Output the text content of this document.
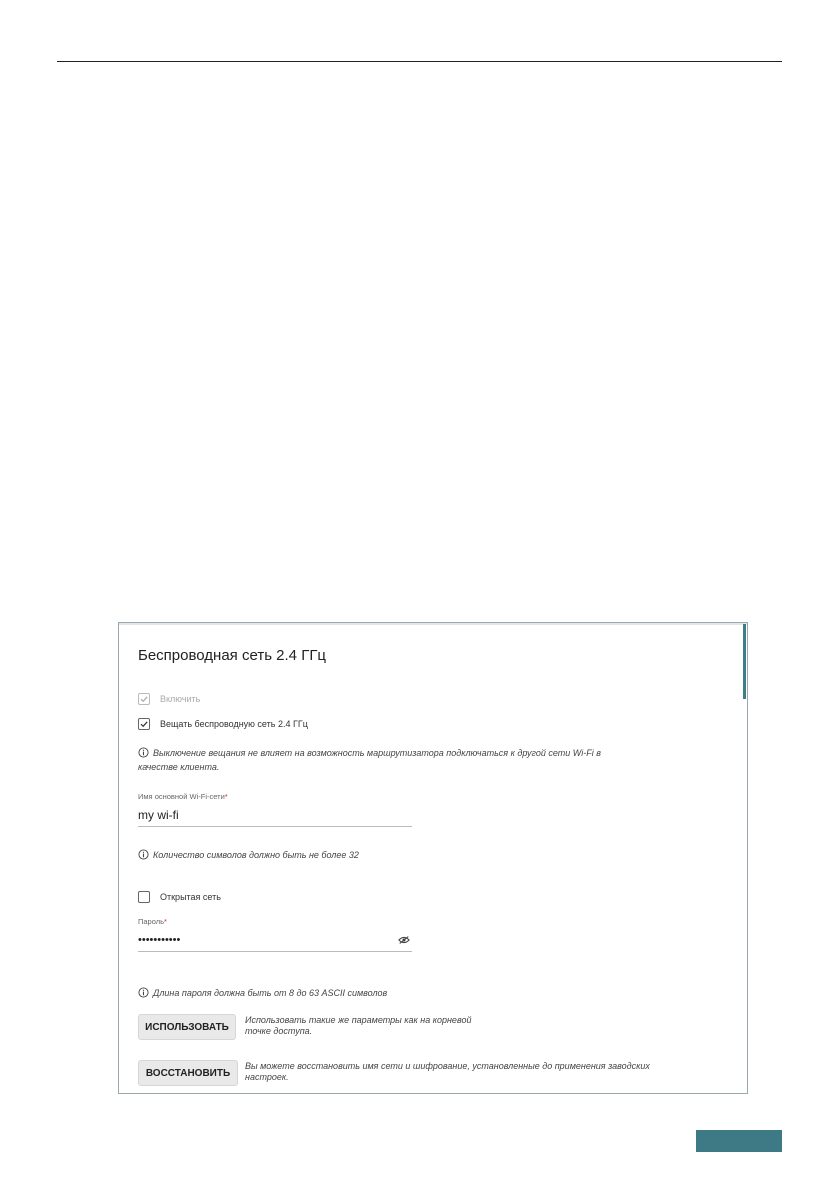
Беспроводная сеть 2.4 ГГц
Включить
Вещать беспроводную сеть 2.4 ГГц
Выключение вещания не влияет на возможность маршрутизатора подключаться к другой сети Wi-Fi в
качестве клиента.
Имя основной Wi-Fi-сети*
my wi-fi
Количество символов должно быть не более 32
Открытая сеть
Пароль*
•••••••••••
Длина пароля должна быть от 8 до 63 ASCII символов
ИСПОЛЬЗОВАТЬ
Использовать такие же параметры как на корневой
точке доступа.
ВОССТАНОВИТЬ
Вы можете восстановить имя сети и шифрование, установленные до применения заводских
настроек.
